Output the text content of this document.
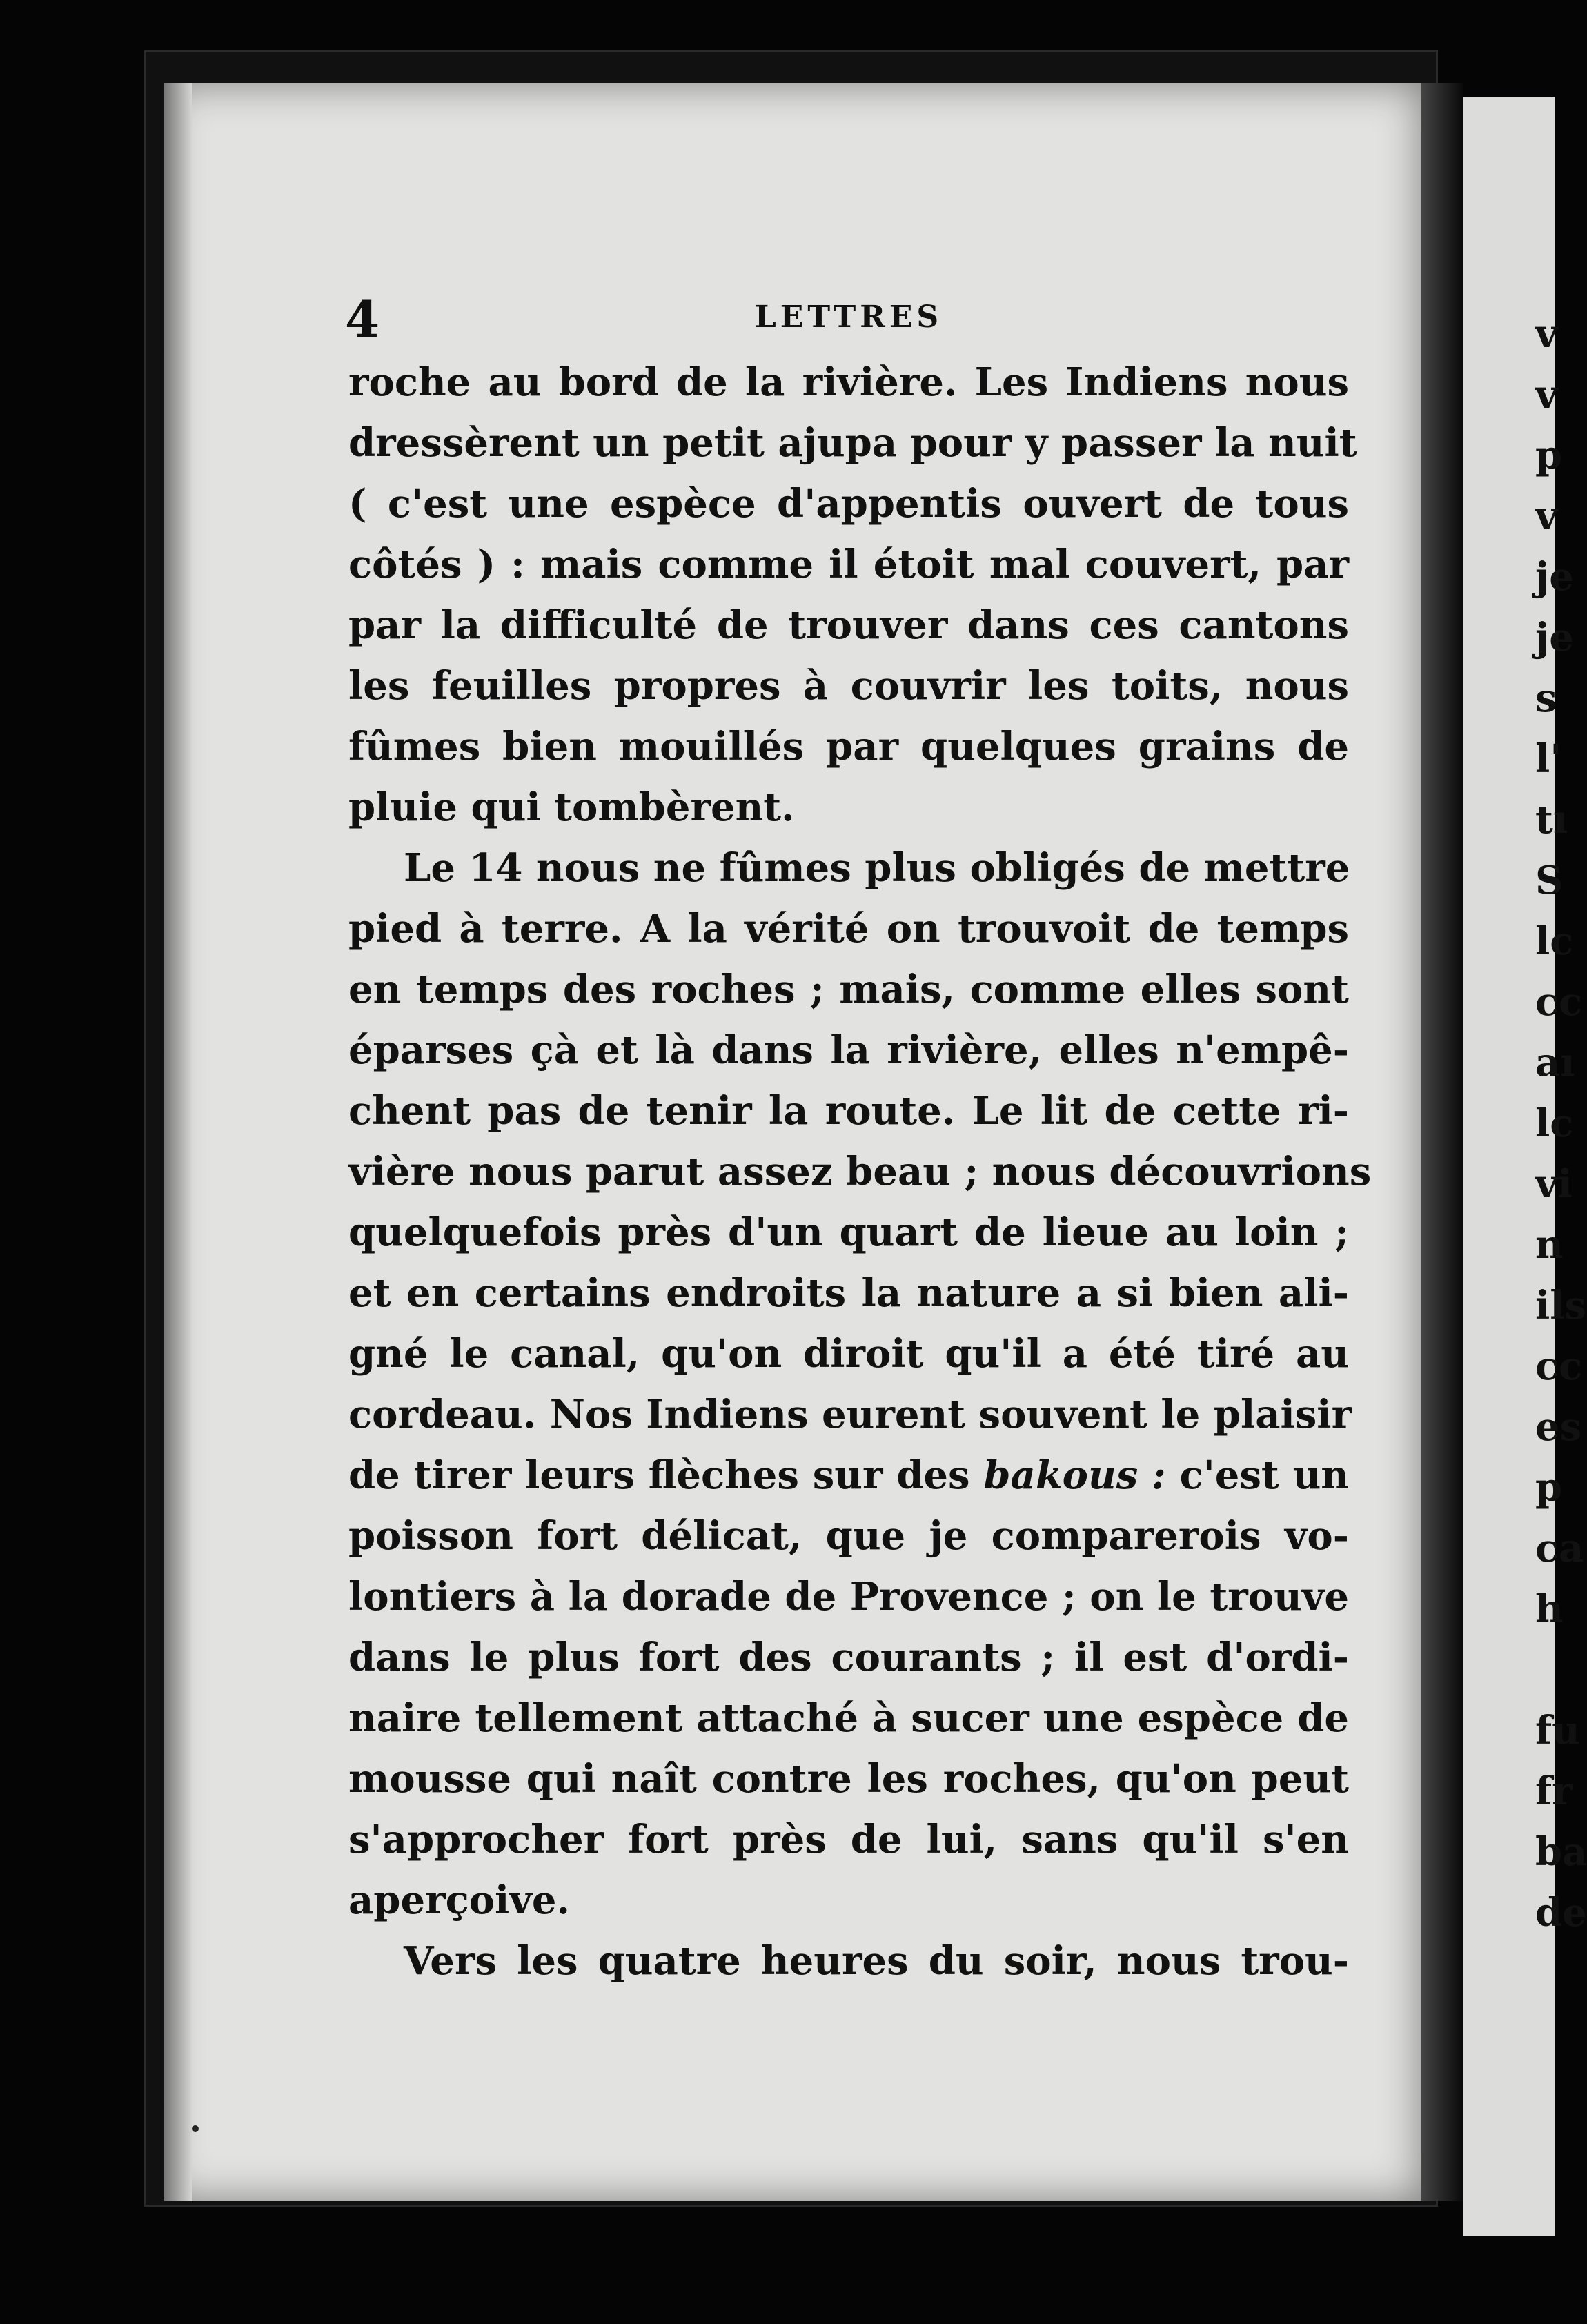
4	LETTRES
roche au bord de la rivière. Les Indiens nous
dressèrent un petit ajupa pour y passer la nuit
( c'est une espèce d'appentis ouvert de tous
côtés ) : mais comme il étoit mal couvert, par
par la difficulté de trouver dans ces cantons
les feuilles propres à couvrir les toits, nous
fûmes bien mouillés par quelques grains de
pluie qui tombèrent.
Le 14 nous ne fûmes plus obligés de mettre
pied à terre. A la vérité on trouvoit de temps
en temps des roches ; mais, comme elles sont
éparses çà et là dans la rivière, elles n'empê-
chent pas de tenir la route. Le lit de cette ri-
vière nous parut assez beau ; nous découvrions
quelquefois près d'un quart de lieue au loin ;
et en certains endroits la nature a si bien ali-
gné le canal, qu'on diroit qu'il a été tiré au
cordeau. Nos Indiens eurent souvent le plaisir
de tirer leurs flèches sur des bakous : c'est un
poisson fort délicat, que je comparerois vo-
lontiers à la dorade de Provence ; on le trouve
dans le plus fort des courants ; il est d'ordi-
naire tellement attaché à sucer une espèce de
mousse qui naît contre les roches, qu'on peut
s'approcher fort près de lui, sans qu'il s'en
aperçoive.
Vers les quatre heures du soir, nous trou-
v
v
p
v
je
je
s
l'
tı
S
lc
cc
aı
lc
vi
n
ils
cc
es
p
ca
h
fu
fr
ba
de
